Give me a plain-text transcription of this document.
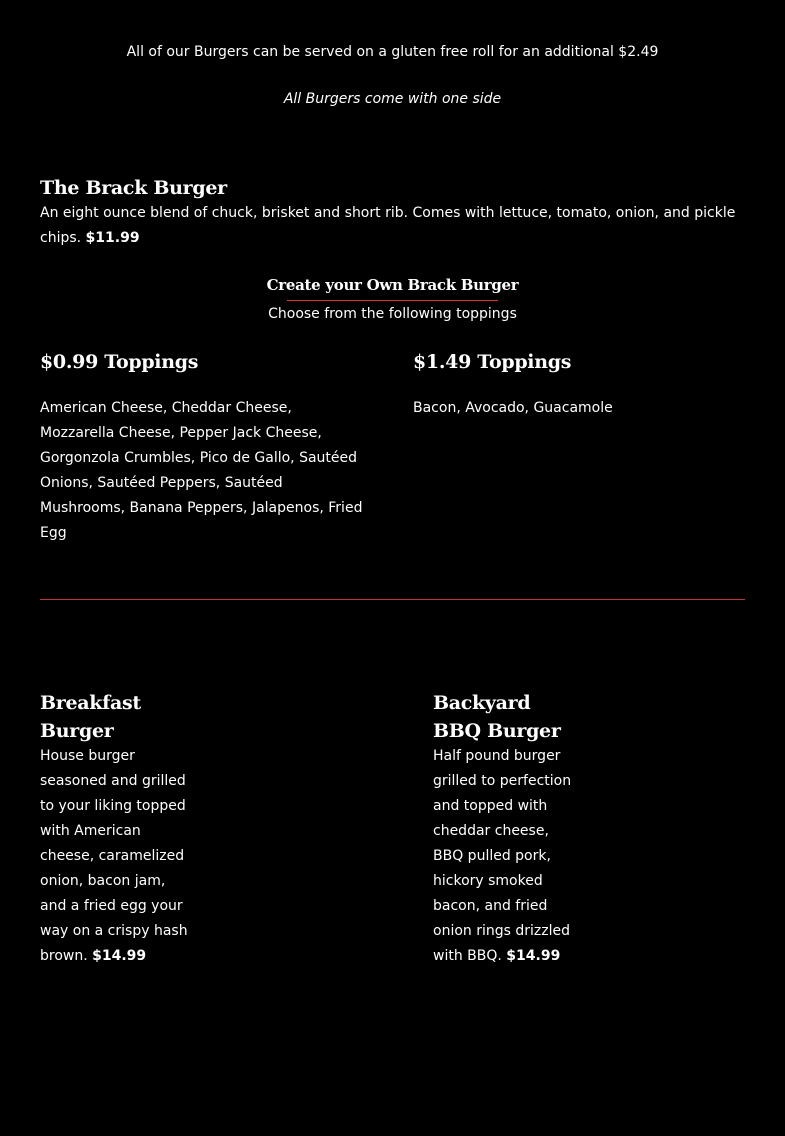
All of our Burgers can be served on a gluten free roll for an additional $2.49
All Burgers come with one side
The Brack Burger
An eight ounce blend of chuck, brisket and short rib. Comes with lettuce, tomato, onion, and pickle chips. $11.99
Create your Own Brack Burger
Choose from the following toppings
$0.99 Toppings	$1.49 Toppings
American Cheese, Cheddar Cheese, Mozzarella Cheese, Pepper Jack Cheese, Gorgonzola Crumbles, Pico de Gallo, Sautéed Onions, Sautéed Peppers, Sautéed Mushrooms, Banana Peppers, Jalapenos, Fried Egg
Bacon, Avocado, Guacamole
Breakfast Burger
House burger seasoned and grilled to your liking topped with American cheese, caramelized onion, bacon jam, and a fried egg your way on a crispy hash brown. $14.99
Backyard BBQ Burger
Half pound burger grilled to perfection and topped with cheddar cheese, BBQ pulled pork, hickory smoked bacon, and fried onion rings drizzled with BBQ. $14.99
